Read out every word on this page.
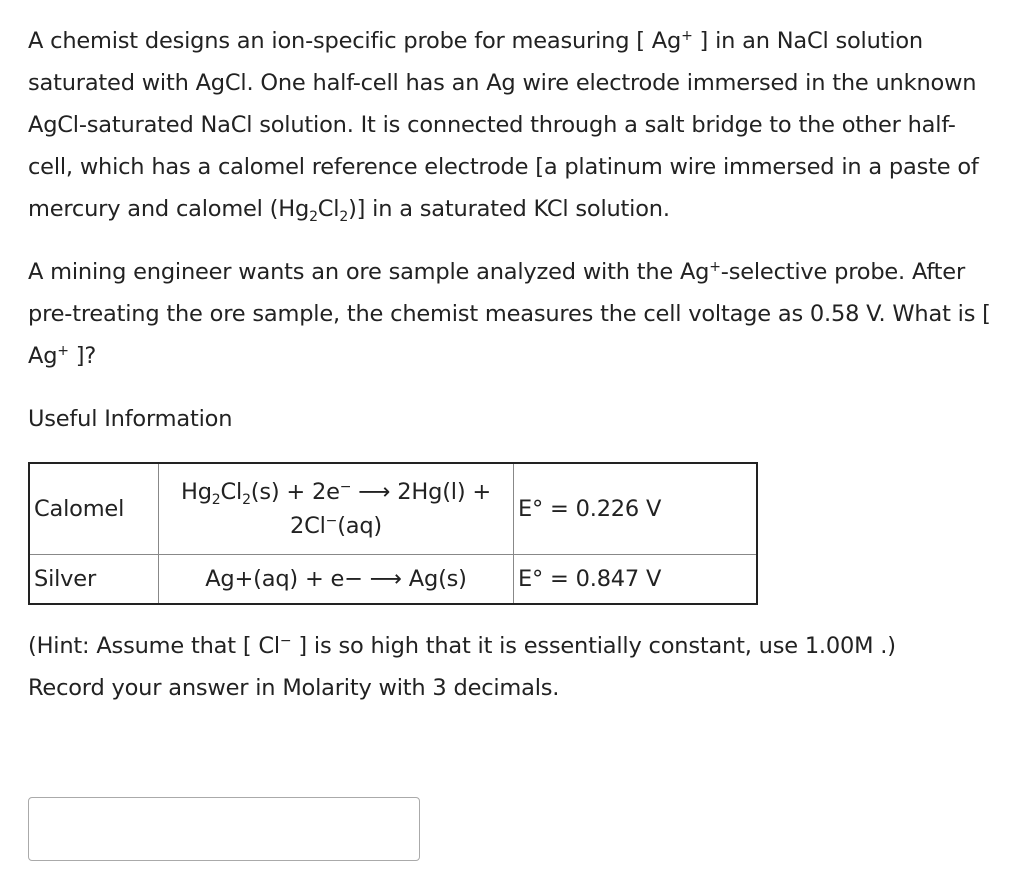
A chemist designs an ion-specific probe for measuring [ Ag+ ] in an NaCl solution saturated with AgCl. One half-cell has an Ag wire electrode immersed in the unknown AgCl-saturated NaCl solution. It is connected through a salt bridge to the other half-cell, which has a calomel reference electrode [a platinum wire immersed in a paste of mercury and calomel $(Hg_2Cl_2)$] in a saturated KCl solution.

A mining engineer wants an ore sample analyzed with the Ag+-selective probe. After pre-treating the ore sample, the chemist measures the cell voltage as 0.58 V. What is [ Ag+ ]?

Useful Information

Calomel	$Hg_2Cl_2(s) + 2e^-$ ⟶ 2Hg(l) + 2Cl−(aq)	E° = 0.226 V
Silver	Ag+(aq) + e− ⟶ Ag(s)	E° = 0.847 V

(Hint: Assume that [ Cl− ] is so high that it is essentially constant, use 1.00M .)

Record your answer in Molarity with 3 decimals.
